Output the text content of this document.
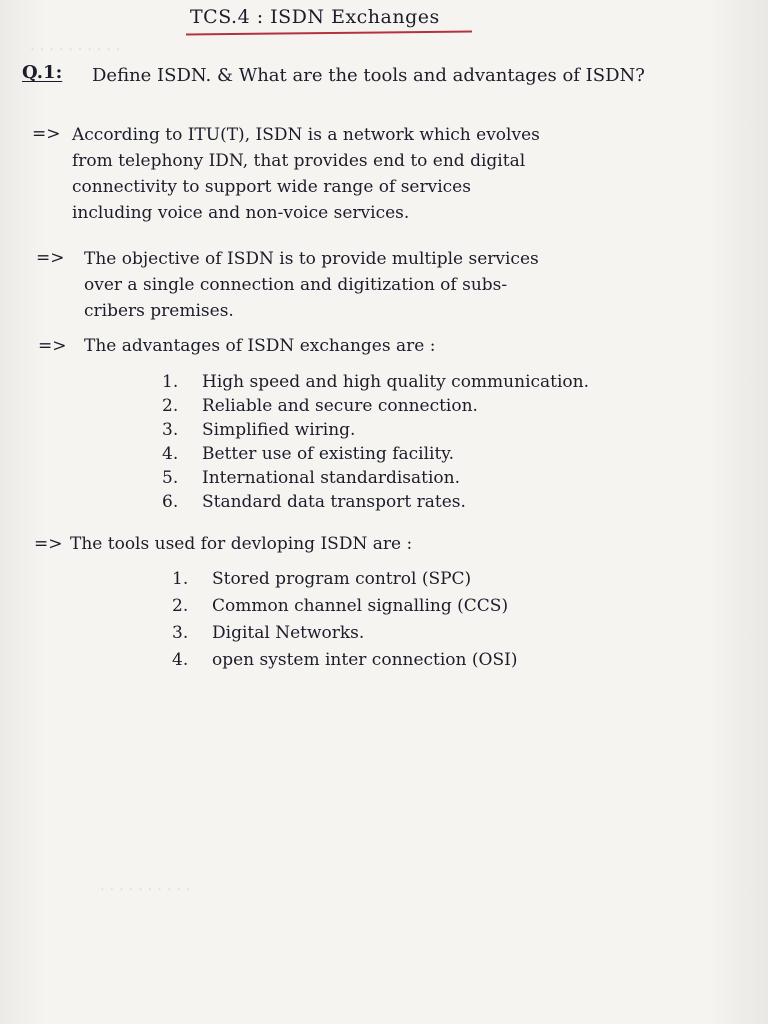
TCS.4 : ISDN Exchanges
· · · · · · · · · ·
· · · · · · · · · ·
Q.1: Define ISDN. & What are the tools and advantages of ISDN?
=> According to ITU(T), ISDN is a network which evolves
from telephony IDN, that provides end to end digital
connectivity to support wide range of services
including voice and non-voice services.
=> The objective of ISDN is to provide multiple services
over a single connection and digitization of subs-
cribers premises.
=> The advantages of ISDN exchanges are :
1. High speed and high quality communication.
2. Reliable and secure connection.
3. Simplified wiring.
4. Better use of existing facility.
5. International standardisation.
6. Standard data transport rates.
=> The tools used for devloping ISDN are :
1. Stored program control (SPC)
2. Common channel signalling (CCS)
3. Digital Networks.
4. open system inter connection (OSI)
